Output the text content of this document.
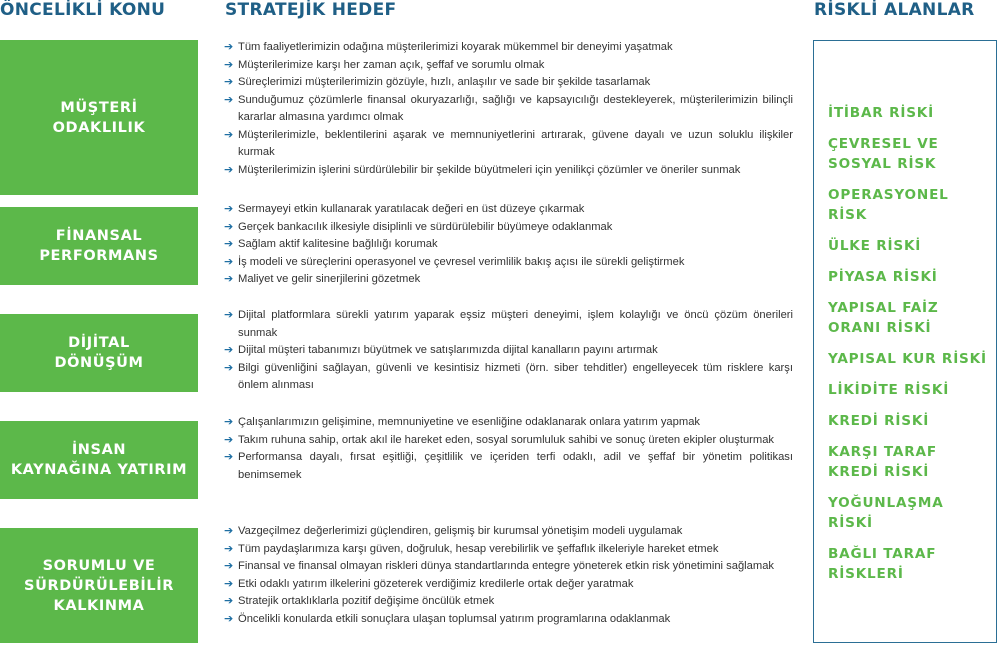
ÖNCELİKLİ KONU	STRATEJİK HEDEF	RİSKLİ ALANLAR
MÜŞTERİ
ODAKLILIK
➔ Tüm faaliyetlerimizin odağına müşterilerimizi koyarak mükemmel bir deneyimi yaşatmak
➔ Müşterilerimize karşı her zaman açık, şeffaf ve sorumlu olmak
➔ Süreçlerimizi müşterilerimizin gözüyle, hızlı, anlaşılır ve sade bir şekilde tasarlamak
➔ Sunduğumuz çözümlerle finansal okuryazarlığı, sağlığı ve kapsayıcılığı destekleyerek, müşterilerimizin bilinçli kararlar almasına yardımcı olmak
➔ Müşterilerimizle, beklentilerini aşarak ve memnuniyetlerini artırarak, güvene dayalı ve uzun soluklu ilişkiler kurmak
➔ Müşterilerimizin işlerini sürdürülebilir bir şekilde büyütmeleri için yenilikçi çözümler ve öneriler sunmak
FİNANSAL
PERFORMANS
➔ Sermayeyi etkin kullanarak yaratılacak değeri en üst düzeye çıkarmak
➔ Gerçek bankacılık ilkesiyle disiplinli ve sürdürülebilir büyümeye odaklanmak
➔ Sağlam aktif kalitesine bağlılığı korumak
➔ İş modeli ve süreçlerini operasyonel ve çevresel verimlilik bakış açısı ile sürekli geliştirmek
➔ Maliyet ve gelir sinerjilerini gözetmek
DİJİTAL
DÖNÜŞÜM
➔ Dijital platformlara sürekli yatırım yaparak eşsiz müşteri deneyimi, işlem kolaylığı ve öncü çözüm önerileri sunmak
➔ Dijital müşteri tabanımızı büyütmek ve satışlarımızda dijital kanalların payını artırmak
➔ Bilgi güvenliğini sağlayan, güvenli ve kesintisiz hizmeti (örn. siber tehditler) engelleyecek tüm risklere karşı önlem alınması
İNSAN
KAYNAĞINA YATIRIM
➔ Çalışanlarımızın gelişimine, memnuniyetine ve esenliğine odaklanarak onlara yatırım yapmak
➔ Takım ruhuna sahip, ortak akıl ile hareket eden, sosyal sorumluluk sahibi ve sonuç üreten ekipler oluşturmak
➔ Performansa dayalı, fırsat eşitliği, çeşitlilik ve içeriden terfi odaklı, adil ve şeffaf bir yönetim politikası benimsemek
SORUMLU VE
SÜRDÜRÜLEBİLİR
KALKINMA
➔ Vazgeçilmez değerlerimizi güçlendiren, gelişmiş bir kurumsal yönetişim modeli uygulamak
➔ Tüm paydaşlarımıza karşı güven, doğruluk, hesap verebilirlik ve şeffaflık ilkeleriyle hareket etmek
➔ Finansal ve finansal olmayan riskleri dünya standartlarında entegre yöneterek etkin risk yönetimini sağlamak
➔ Etki odaklı yatırım ilkelerini gözeterek verdiğimiz kredilerle ortak değer yaratmak
➔ Stratejik ortaklıklarla pozitif değişime öncülük etmek
➔ Öncelikli konularda etkili sonuçlara ulaşan toplumsal yatırım programlarına odaklanmak
İTİBAR RİSKİ
ÇEVRESEL VE SOSYAL RİSK
OPERASYONEL RİSK
ÜLKE RİSKİ
PİYASA RİSKİ
YAPISAL FAİZ ORANI RİSKİ
YAPISAL KUR RİSKİ
LİKİDİTE RİSKİ
KREDİ RİSKİ
KARŞI TARAF KREDİ RİSKİ
YOĞUNLAŞMA RİSKİ
BAĞLI TARAF RİSKLERİ
